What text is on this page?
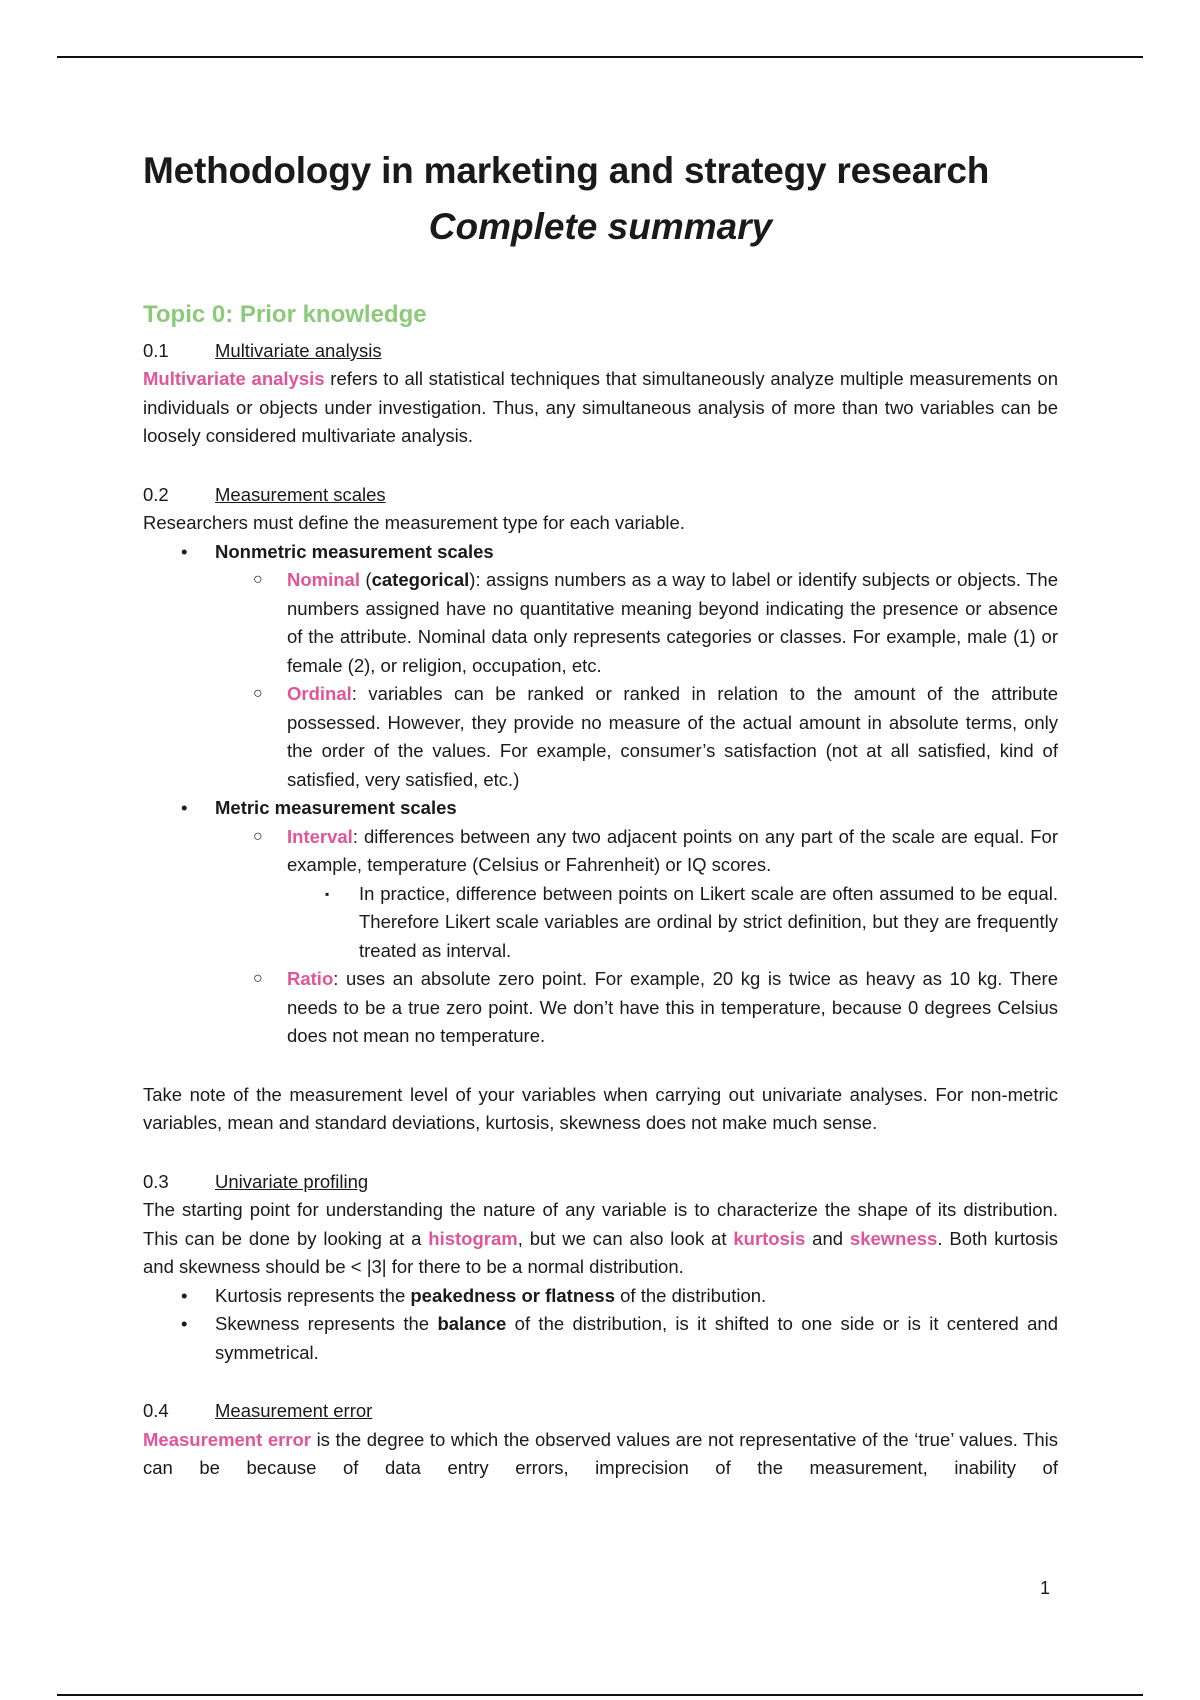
Methodology in marketing and strategy research
Complete summary
Topic 0: Prior knowledge

0.1	Multivariate analysis

Multivariate analysis refers to all statistical techniques that simultaneously analyze multiple measurements on individuals or objects under investigation. Thus, any simultaneous analysis of more than two variables can be loosely considered multivariate analysis.

0.2	Measurement scales

Researchers must define the measurement type for each variable.

• Nonmetric measurement scales
○ Nominal (categorical): assigns numbers as a way to label or identify subjects or objects. The numbers assigned have no quantitative meaning beyond indicating the presence or absence of the attribute. Nominal data only represents categories or classes. For example, male (1) or female (2), or religion, occupation, etc.
○ Ordinal: variables can be ranked or ranked in relation to the amount of the attribute possessed. However, they provide no measure of the actual amount in absolute terms, only the order of the values. For example, consumer’s satisfaction (not at all satisfied, kind of satisfied, very satisfied, etc.)
• Metric measurement scales
○ Interval: differences between any two adjacent points on any part of the scale are equal. For example, temperature (Celsius or Fahrenheit) or IQ scores.
▪ In practice, difference between points on Likert scale are often assumed to be equal. Therefore Likert scale variables are ordinal by strict definition, but they are frequently treated as interval.
○ Ratio: uses an absolute zero point. For example, 20 kg is twice as heavy as 10 kg. There needs to be a true zero point. We don’t have this in temperature, because 0 degrees Celsius does not mean no temperature.

Take note of the measurement level of your variables when carrying out univariate analyses. For non-metric variables, mean and standard deviations, kurtosis, skewness does not make much sense.

0.3	Univariate profiling

The starting point for understanding the nature of any variable is to characterize the shape of its distribution. This can be done by looking at a histogram, but we can also look at kurtosis and skewness. Both kurtosis and skewness should be < |3| for there to be a normal distribution.

• Kurtosis represents the peakedness or flatness of the distribution.
• Skewness represents the balance of the distribution, is it shifted to one side or is it centered and symmetrical.

0.4	Measurement error

Measurement error is the degree to which the observed values are not representative of the ‘true’ values. This can be because of data entry errors, imprecision of the measurement, inability of

1
